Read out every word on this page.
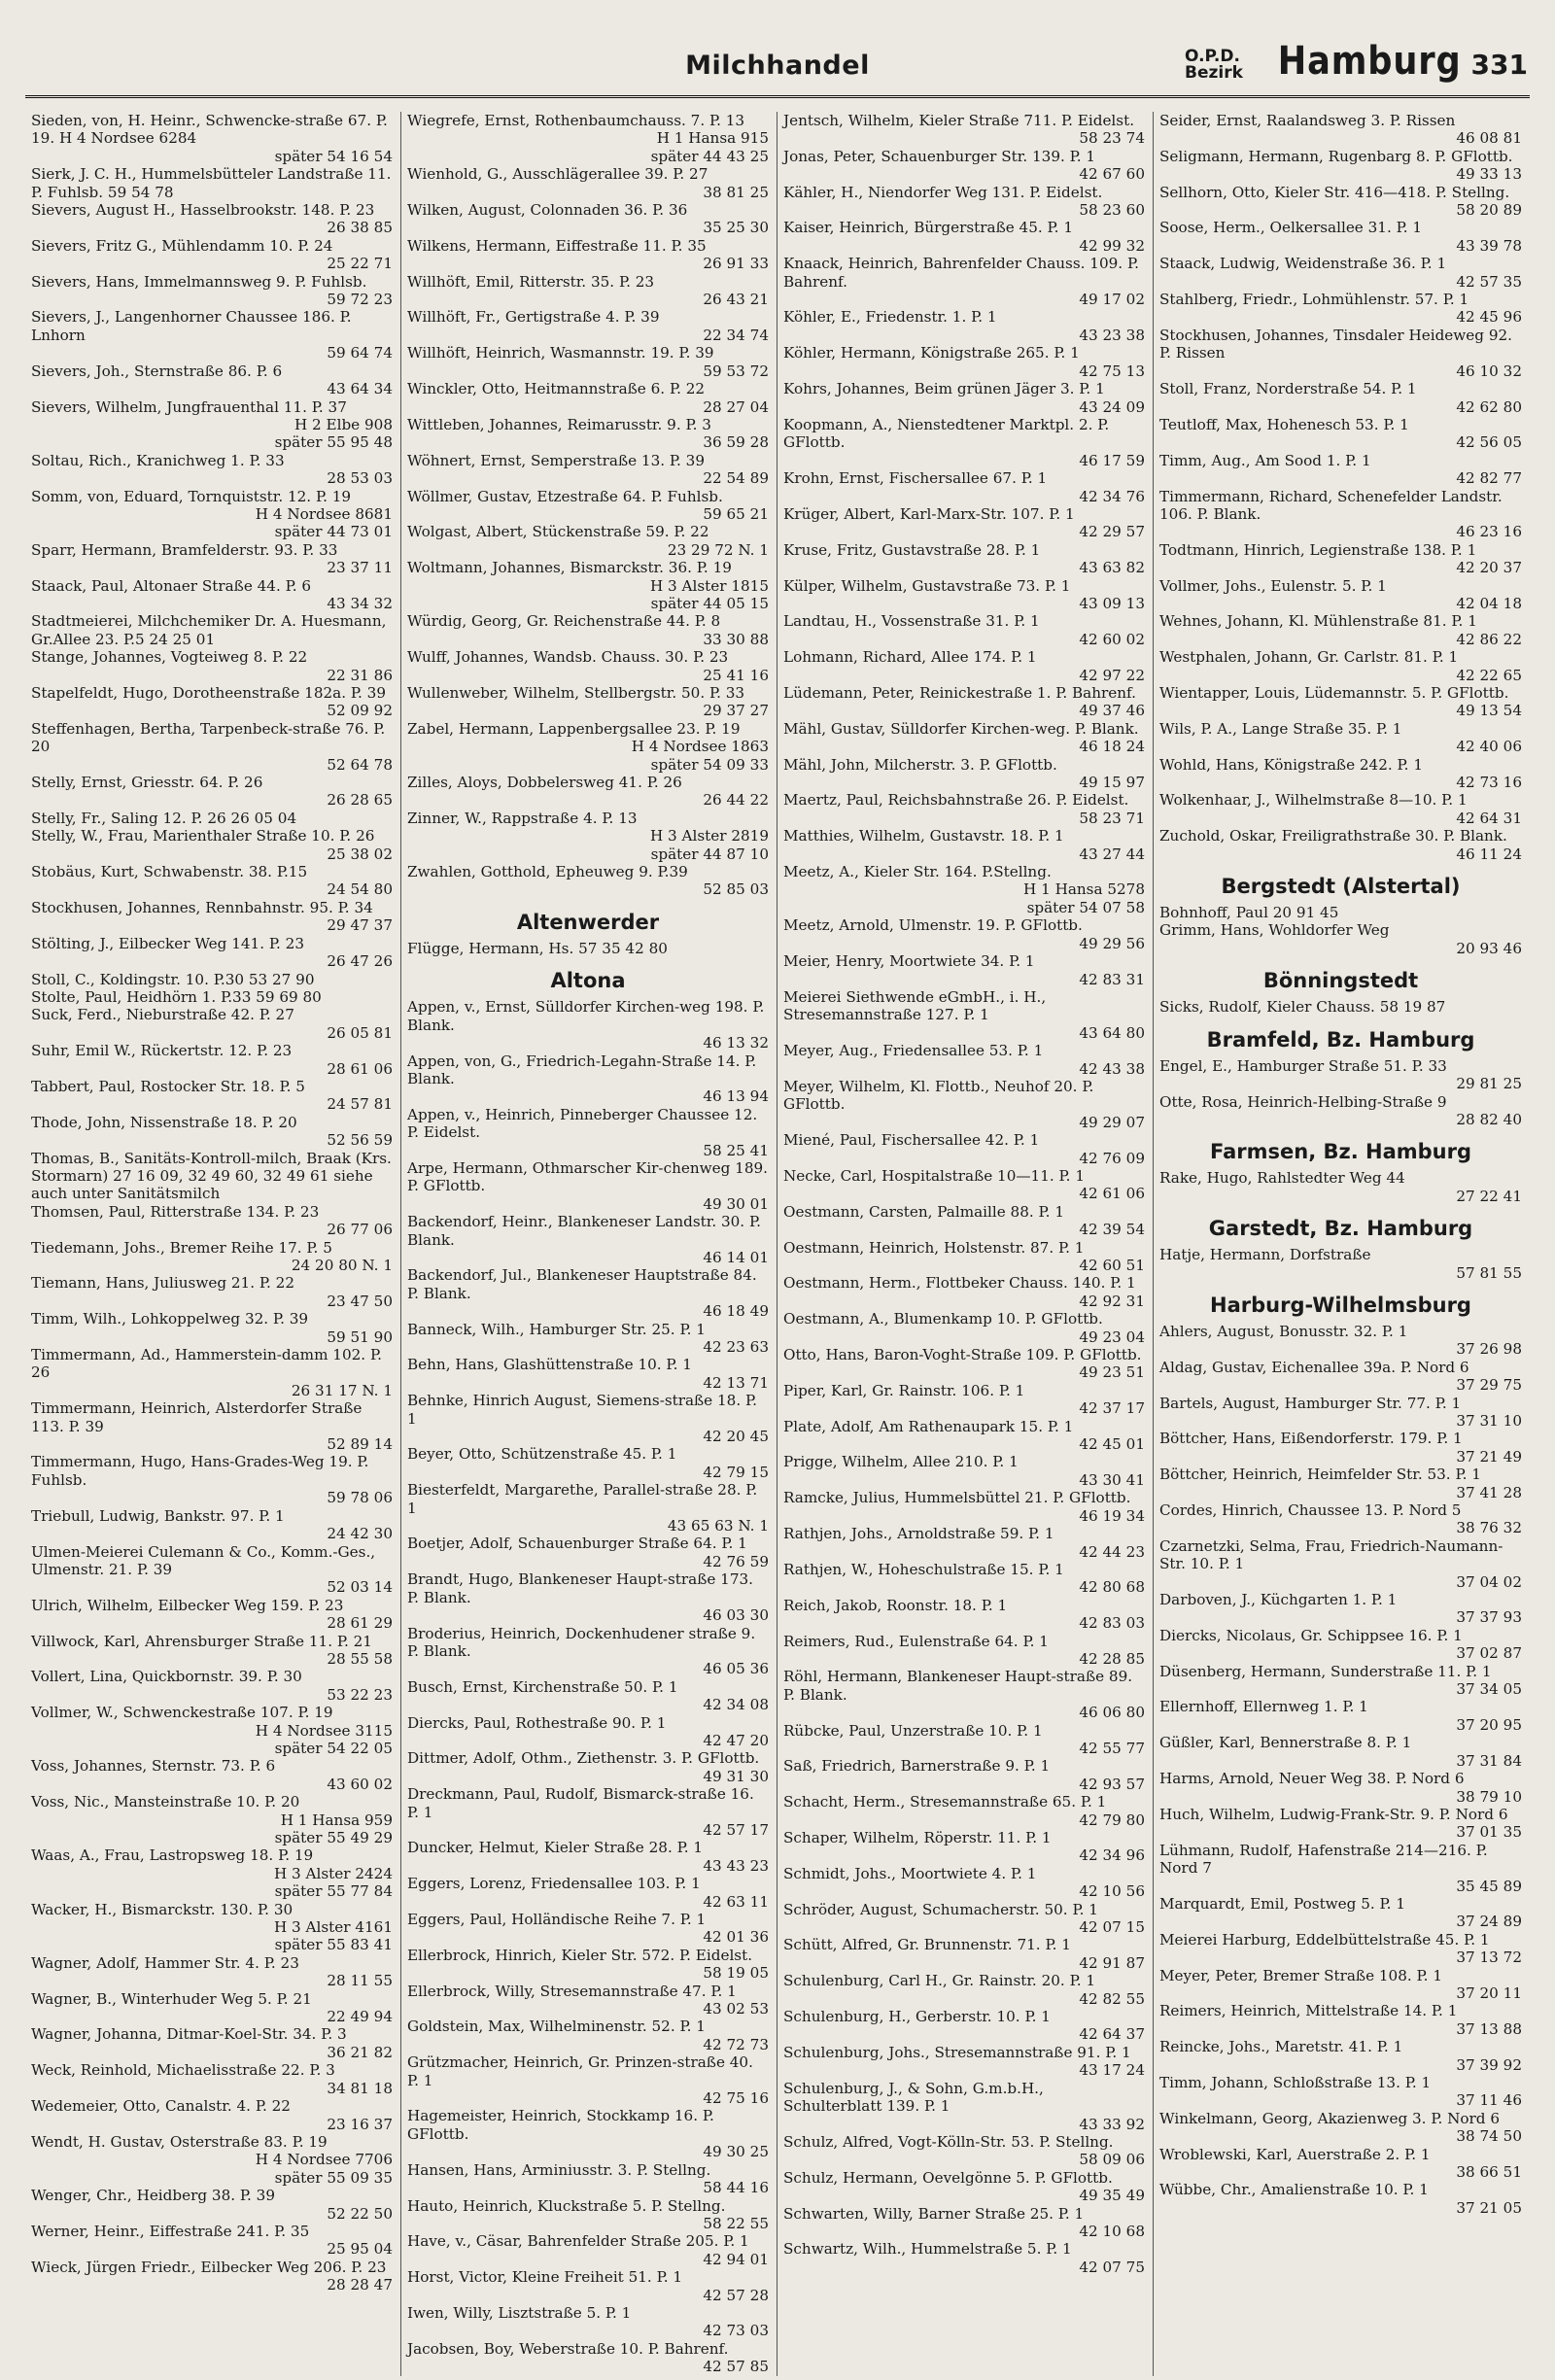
Milchhandel	O.P.D.
Bezirk Hamburg 331
Sieden, von, H. Heinr., Schwencke-straße 67. P. 19. H 4 Nordsee 6284
später 54 16 54
Sierk, J. C. H., Hummelsbütteler Landstraße 11. P. Fuhlsb. 59 54 78
Sievers, August H., Hasselbrookstr. 148. P. 23
26 38 85
Sievers, Fritz G., Mühlendamm 10. P. 24
25 22 71
Sievers, Hans, Immelmannsweg 9. P. Fuhlsb.
59 72 23
Sievers, J., Langenhorner Chaussee 186. P. Lnhorn
59 64 74
Sievers, Joh., Sternstraße 86. P. 6
43 64 34
Sievers, Wilhelm, Jungfrauenthal 11. P. 37
H 2 Elbe 908
später 55 95 48
Soltau, Rich., Kranichweg 1. P. 33
28 53 03
Somm, von, Eduard, Tornquiststr. 12. P. 19
H 4 Nordsee 8681
später 44 73 01
Sparr, Hermann, Bramfelderstr. 93. P. 33
23 37 11
Staack, Paul, Altonaer Straße 44. P. 6
43 34 32
Stadtmeierei, Milchchemiker Dr. A. Huesmann, Gr.Allee 23. P.5 24 25 01
Stange, Johannes, Vogteiweg 8. P. 22
22 31 86
Stapelfeldt, Hugo, Dorotheenstraße 182a. P. 39
52 09 92
Steffenhagen, Bertha, Tarpenbeck-straße 76. P. 20
52 64 78
Stelly, Ernst, Griesstr. 64. P. 26
26 28 65
Stelly, Fr., Saling 12. P. 26 26 05 04
Stelly, W., Frau, Marienthaler Straße 10. P. 26
25 38 02
Stobäus, Kurt, Schwabenstr. 38. P.15
24 54 80
Stockhusen, Johannes, Rennbahnstr. 95. P. 34
29 47 37
Stölting, J., Eilbecker Weg 141. P. 23
26 47 26
Stoll, C., Koldingstr. 10. P.30 53 27 90
Stolte, Paul, Heidhörn 1. P.33 59 69 80
Suck, Ferd., Nieburstraße 42. P. 27
26 05 81
Suhr, Emil W., Rückertstr. 12. P. 23
28 61 06
Tabbert, Paul, Rostocker Str. 18. P. 5
24 57 81
Thode, John, Nissenstraße 18. P. 20
52 56 59
Thomas, B., Sanitäts-Kontroll-milch, Braak (Krs. Stormarn) 27 16 09, 32 49 60, 32 49 61 siehe auch unter Sanitätsmilch
Thomsen, Paul, Ritterstraße 134. P. 23
26 77 06
Tiedemann, Johs., Bremer Reihe 17. P. 5
24 20 80 N. 1
Tiemann, Hans, Juliusweg 21. P. 22
23 47 50
Timm, Wilh., Lohkoppelweg 32. P. 39
59 51 90
Timmermann, Ad., Hammerstein-damm 102. P. 26
26 31 17 N. 1
Timmermann, Heinrich, Alsterdorfer Straße 113. P. 39
52 89 14
Timmermann, Hugo, Hans-Grades-Weg 19. P. Fuhlsb.
59 78 06
Triebull, Ludwig, Bankstr. 97. P. 1
24 42 30
Ulmen-Meierei Culemann & Co., Komm.-Ges., Ulmenstr. 21. P. 39
52 03 14
Ulrich, Wilhelm, Eilbecker Weg 159. P. 23
28 61 29
Villwock, Karl, Ahrensburger Straße 11. P. 21
28 55 58
Vollert, Lina, Quickbornstr. 39. P. 30
53 22 23
Vollmer, W., Schwenckestraße 107. P. 19
H 4 Nordsee 3115
später 54 22 05
Voss, Johannes, Sternstr. 73. P. 6
43 60 02
Voss, Nic., Mansteinstraße 10. P. 20
H 1 Hansa 959
später 55 49 29
Waas, A., Frau, Lastropsweg 18. P. 19
H 3 Alster 2424
später 55 77 84
Wacker, H., Bismarckstr. 130. P. 30
H 3 Alster 4161
später 55 83 41
Wagner, Adolf, Hammer Str. 4. P. 23
28 11 55
Wagner, B., Winterhuder Weg 5. P. 21
22 49 94
Wagner, Johanna, Ditmar-Koel-Str. 34. P. 3
36 21 82
Weck, Reinhold, Michaelisstraße 22. P. 3
34 81 18
Wedemeier, Otto, Canalstr. 4. P. 22
23 16 37
Wendt, H. Gustav, Osterstraße 83. P. 19
H 4 Nordsee 7706
später 55 09 35
Wenger, Chr., Heidberg 38. P. 39
52 22 50
Werner, Heinr., Eiffestraße 241. P. 35
25 95 04
Wieck, Jürgen Friedr., Eilbecker Weg 206. P. 23
28 28 47
Wiegrefe, Ernst, Rothenbaumchauss. 7. P. 13
H 1 Hansa 915
später 44 43 25
Wienhold, G., Ausschlägerallee 39. P. 27
38 81 25
Wilken, August, Colonnaden 36. P. 36
35 25 30
Wilkens, Hermann, Eiffestraße 11. P. 35
26 91 33
Willhöft, Emil, Ritterstr. 35. P. 23
26 43 21
Willhöft, Fr., Gertigstraße 4. P. 39
22 34 74
Willhöft, Heinrich, Wasmannstr. 19. P. 39
59 53 72
Winckler, Otto, Heitmannstraße 6. P. 22
28 27 04
Wittleben, Johannes, Reimarusstr. 9. P. 3
36 59 28
Wöhnert, Ernst, Semperstraße 13. P. 39
22 54 89
Wöllmer, Gustav, Etzestraße 64. P. Fuhlsb.
59 65 21
Wolgast, Albert, Stückenstraße 59. P. 22
23 29 72 N. 1
Woltmann, Johannes, Bismarckstr. 36. P. 19
H 3 Alster 1815
später 44 05 15
Würdig, Georg, Gr. Reichenstraße 44. P. 8
33 30 88
Wulff, Johannes, Wandsb. Chauss. 30. P. 23
25 41 16
Wullenweber, Wilhelm, Stellbergstr. 50. P. 33
29 37 27
Zabel, Hermann, Lappenbergsallee 23. P. 19
H 4 Nordsee 1863
später 54 09 33
Zilles, Aloys, Dobbelersweg 41. P. 26
26 44 22
Zinner, W., Rappstraße 4. P. 13
H 3 Alster 2819
später 44 87 10
Zwahlen, Gotthold, Epheuweg 9. P.39
52 85 03
Altenwerder
Flügge, Hermann, Hs. 57 35 42 80
Altona
Appen, v., Ernst, Sülldorfer Kirchen-weg 198. P. Blank.
46 13 32
Appen, von, G., Friedrich-Legahn-Straße 14. P. Blank.
46 13 94
Appen, v., Heinrich, Pinneberger Chaussee 12. P. Eidelst.
58 25 41
Arpe, Hermann, Othmarscher Kir-chenweg 189. P. GFlottb.
49 30 01
Backendorf, Heinr., Blankeneser Landstr. 30. P. Blank.
46 14 01
Backendorf, Jul., Blankeneser Hauptstraße 84. P. Blank.
46 18 49
Banneck, Wilh., Hamburger Str. 25. P. 1
42 23 63
Behn, Hans, Glashüttenstraße 10. P. 1
42 13 71
Behnke, Hinrich August, Siemens-straße 18. P. 1
42 20 45
Beyer, Otto, Schützenstraße 45. P. 1
42 79 15
Biesterfeldt, Margarethe, Parallel-straße 28. P. 1
43 65 63 N. 1
Boetjer, Adolf, Schauenburger Straße 64. P. 1
42 76 59
Brandt, Hugo, Blankeneser Haupt-straße 173. P. Blank.
46 03 30
Broderius, Heinrich, Dockenhudener straße 9. P. Blank.
46 05 36
Busch, Ernst, Kirchenstraße 50. P. 1
42 34 08
Diercks, Paul, Rothestraße 90. P. 1
42 47 20
Dittmer, Adolf, Othm., Ziethenstr. 3. P. GFlottb.
49 31 30
Dreckmann, Paul, Rudolf, Bismarck-straße 16. P. 1
42 57 17
Duncker, Helmut, Kieler Straße 28. P. 1
43 43 23
Eggers, Lorenz, Friedensallee 103. P. 1
42 63 11
Eggers, Paul, Holländische Reihe 7. P. 1
42 01 36
Ellerbrock, Hinrich, Kieler Str. 572. P. Eidelst.
58 19 05
Ellerbrock, Willy, Stresemannstraße 47. P. 1
43 02 53
Goldstein, Max, Wilhelminenstr. 52. P. 1
42 72 73
Grützmacher, Heinrich, Gr. Prinzen-straße 40. P. 1
42 75 16
Hagemeister, Heinrich, Stockkamp 16. P. GFlottb.
49 30 25
Hansen, Hans, Arminiusstr. 3. P. Stellng.
58 44 16
Hauto, Heinrich, Kluckstraße 5. P. Stellng.
58 22 55
Have, v., Cäsar, Bahrenfelder Straße 205. P. 1
42 94 01
Horst, Victor, Kleine Freiheit 51. P. 1
42 57 28
Iwen, Willy, Lisztstraße 5. P. 1
42 73 03
Jacobsen, Boy, Weberstraße 10. P. Bahrenf.
42 57 85
Jentsch, Wilhelm, Kieler Straße 711. P. Eidelst.
58 23 74
Jonas, Peter, Schauenburger Str. 139. P. 1
42 67 60
Kähler, H., Niendorfer Weg 131. P. Eidelst.
58 23 60
Kaiser, Heinrich, Bürgerstraße 45. P. 1
42 99 32
Knaack, Heinrich, Bahrenfelder Chauss. 109. P. Bahrenf.
49 17 02
Köhler, E., Friedenstr. 1. P. 1
43 23 38
Köhler, Hermann, Königstraße 265. P. 1
42 75 13
Kohrs, Johannes, Beim grünen Jäger 3. P. 1
43 24 09
Koopmann, A., Nienstedtener Marktpl. 2. P. GFlottb.
46 17 59
Krohn, Ernst, Fischersallee 67. P. 1
42 34 76
Krüger, Albert, Karl-Marx-Str. 107. P. 1
42 29 57
Kruse, Fritz, Gustavstraße 28. P. 1
43 63 82
Külper, Wilhelm, Gustavstraße 73. P. 1
43 09 13
Landtau, H., Vossenstraße 31. P. 1
42 60 02
Lohmann, Richard, Allee 174. P. 1
42 97 22
Lüdemann, Peter, Reinickestraße 1. P. Bahrenf.
49 37 46
Mähl, Gustav, Sülldorfer Kirchen-weg. P. Blank.
46 18 24
Mähl, John, Milcherstr. 3. P. GFlottb.
49 15 97
Maertz, Paul, Reichsbahnstraße 26. P. Eidelst.
58 23 71
Matthies, Wilhelm, Gustavstr. 18. P. 1
43 27 44
Meetz, A., Kieler Str. 164. P.Stellng.
H 1 Hansa 5278
später 54 07 58
Meetz, Arnold, Ulmenstr. 19. P. GFlottb.
49 29 56
Meier, Henry, Moortwiete 34. P. 1
42 83 31
Meierei Siethwende eGmbH., i. H., Stresemannstraße 127. P. 1
43 64 80
Meyer, Aug., Friedensallee 53. P. 1
42 43 38
Meyer, Wilhelm, Kl. Flottb., Neuhof 20. P. GFlottb.
49 29 07
Miené, Paul, Fischersallee 42. P. 1
42 76 09
Necke, Carl, Hospitalstraße 10—11. P. 1
42 61 06
Oestmann, Carsten, Palmaille 88. P. 1
42 39 54
Oestmann, Heinrich, Holstenstr. 87. P. 1
42 60 51
Oestmann, Herm., Flottbeker Chauss. 140. P. 1
42 92 31
Oestmann, A., Blumenkamp 10. P. GFlottb.
49 23 04
Otto, Hans, Baron-Voght-Straße 109. P. GFlottb.
49 23 51
Piper, Karl, Gr. Rainstr. 106. P. 1
42 37 17
Plate, Adolf, Am Rathenaupark 15. P. 1
42 45 01
Prigge, Wilhelm, Allee 210. P. 1
43 30 41
Ramcke, Julius, Hummelsbüttel 21. P. GFlottb.
46 19 34
Rathjen, Johs., Arnoldstraße 59. P. 1
42 44 23
Rathjen, W., Hoheschulstraße 15. P. 1
42 80 68
Reich, Jakob, Roonstr. 18. P. 1
42 83 03
Reimers, Rud., Eulenstraße 64. P. 1
42 28 85
Röhl, Hermann, Blankeneser Haupt-straße 89. P. Blank.
46 06 80
Rübcke, Paul, Unzerstraße 10. P. 1
42 55 77
Saß, Friedrich, Barnerstraße 9. P. 1
42 93 57
Schacht, Herm., Stresemannstraße 65. P. 1
42 79 80
Schaper, Wilhelm, Röperstr. 11. P. 1
42 34 96
Schmidt, Johs., Moortwiete 4. P. 1
42 10 56
Schröder, August, Schumacherstr. 50. P. 1
42 07 15
Schütt, Alfred, Gr. Brunnenstr. 71. P. 1
42 91 87
Schulenburg, Carl H., Gr. Rainstr. 20. P. 1
42 82 55
Schulenburg, H., Gerberstr. 10. P. 1
42 64 37
Schulenburg, Johs., Stresemannstraße 91. P. 1
43 17 24
Schulenburg, J., & Sohn, G.m.b.H., Schulterblatt 139. P. 1
43 33 92
Schulz, Alfred, Vogt-Kölln-Str. 53. P. Stellng.
58 09 06
Schulz, Hermann, Oevelgönne 5. P. GFlottb.
49 35 49
Schwarten, Willy, Barner Straße 25. P. 1
42 10 68
Schwartz, Wilh., Hummelstraße 5. P. 1
42 07 75
Seider, Ernst, Raalandsweg 3. P. Rissen
46 08 81
Seligmann, Hermann, Rugenbarg 8. P. GFlottb.
49 33 13
Sellhorn, Otto, Kieler Str. 416—418. P. Stellng.
58 20 89
Soose, Herm., Oelkersallee 31. P. 1
43 39 78
Staack, Ludwig, Weidenstraße 36. P. 1
42 57 35
Stahlberg, Friedr., Lohmühlenstr. 57. P. 1
42 45 96
Stockhusen, Johannes, Tinsdaler Heideweg 92. P. Rissen
46 10 32
Stoll, Franz, Norderstraße 54. P. 1
42 62 80
Teutloff, Max, Hohenesch 53. P. 1
42 56 05
Timm, Aug., Am Sood 1. P. 1
42 82 77
Timmermann, Richard, Schenefelder Landstr. 106. P. Blank.
46 23 16
Todtmann, Hinrich, Legienstraße 138. P. 1
42 20 37
Vollmer, Johs., Eulenstr. 5. P. 1
42 04 18
Wehnes, Johann, Kl. Mühlenstraße 81. P. 1
42 86 22
Westphalen, Johann, Gr. Carlstr. 81. P. 1
42 22 65
Wientapper, Louis, Lüdemannstr. 5. P. GFlottb.
49 13 54
Wils, P. A., Lange Straße 35. P. 1
42 40 06
Wohld, Hans, Königstraße 242. P. 1
42 73 16
Wolkenhaar, J., Wilhelmstraße 8—10. P. 1
42 64 31
Zuchold, Oskar, Freiligrathstraße 30. P. Blank.
46 11 24
Bergstedt (Alstertal)
Bohnhoff, Paul 20 91 45
Grimm, Hans, Wohldorfer Weg
20 93 46
Bönningstedt
Sicks, Rudolf, Kieler Chauss. 58 19 87
Bramfeld, Bz. Hamburg
Engel, E., Hamburger Straße 51. P. 33
29 81 25
Otte, Rosa, Heinrich-Helbing-Straße 9
28 82 40
Farmsen, Bz. Hamburg
Rake, Hugo, Rahlstedter Weg 44
27 22 41
Garstedt, Bz. Hamburg
Hatje, Hermann, Dorfstraße
57 81 55
Harburg-Wilhelmsburg
Ahlers, August, Bonusstr. 32. P. 1
37 26 98
Aldag, Gustav, Eichenallee 39a. P. Nord 6
37 29 75
Bartels, August, Hamburger Str. 77. P. 1
37 31 10
Böttcher, Hans, Eißendorferstr. 179. P. 1
37 21 49
Böttcher, Heinrich, Heimfelder Str. 53. P. 1
37 41 28
Cordes, Hinrich, Chaussee 13. P. Nord 5
38 76 32
Czarnetzki, Selma, Frau, Friedrich-Naumann-Str. 10. P. 1
37 04 02
Darboven, J., Küchgarten 1. P. 1
37 37 93
Diercks, Nicolaus, Gr. Schippsee 16. P. 1
37 02 87
Düsenberg, Hermann, Sunderstraße 11. P. 1
37 34 05
Ellernhoff, Ellernweg 1. P. 1
37 20 95
Güßler, Karl, Bennerstraße 8. P. 1
37 31 84
Harms, Arnold, Neuer Weg 38. P. Nord 6
38 79 10
Huch, Wilhelm, Ludwig-Frank-Str. 9. P. Nord 6
37 01 35
Lühmann, Rudolf, Hafenstraße 214—216. P. Nord 7
35 45 89
Marquardt, Emil, Postweg 5. P. 1
37 24 89
Meierei Harburg, Eddelbüttelstraße 45. P. 1
37 13 72
Meyer, Peter, Bremer Straße 108. P. 1
37 20 11
Reimers, Heinrich, Mittelstraße 14. P. 1
37 13 88
Reincke, Johs., Maretstr. 41. P. 1
37 39 92
Timm, Johann, Schloßstraße 13. P. 1
37 11 46
Winkelmann, Georg, Akazienweg 3. P. Nord 6
38 74 50
Wroblewski, Karl, Auerstraße 2. P. 1
38 66 51
Wübbe, Chr., Amalienstraße 10. P. 1
37 21 05
